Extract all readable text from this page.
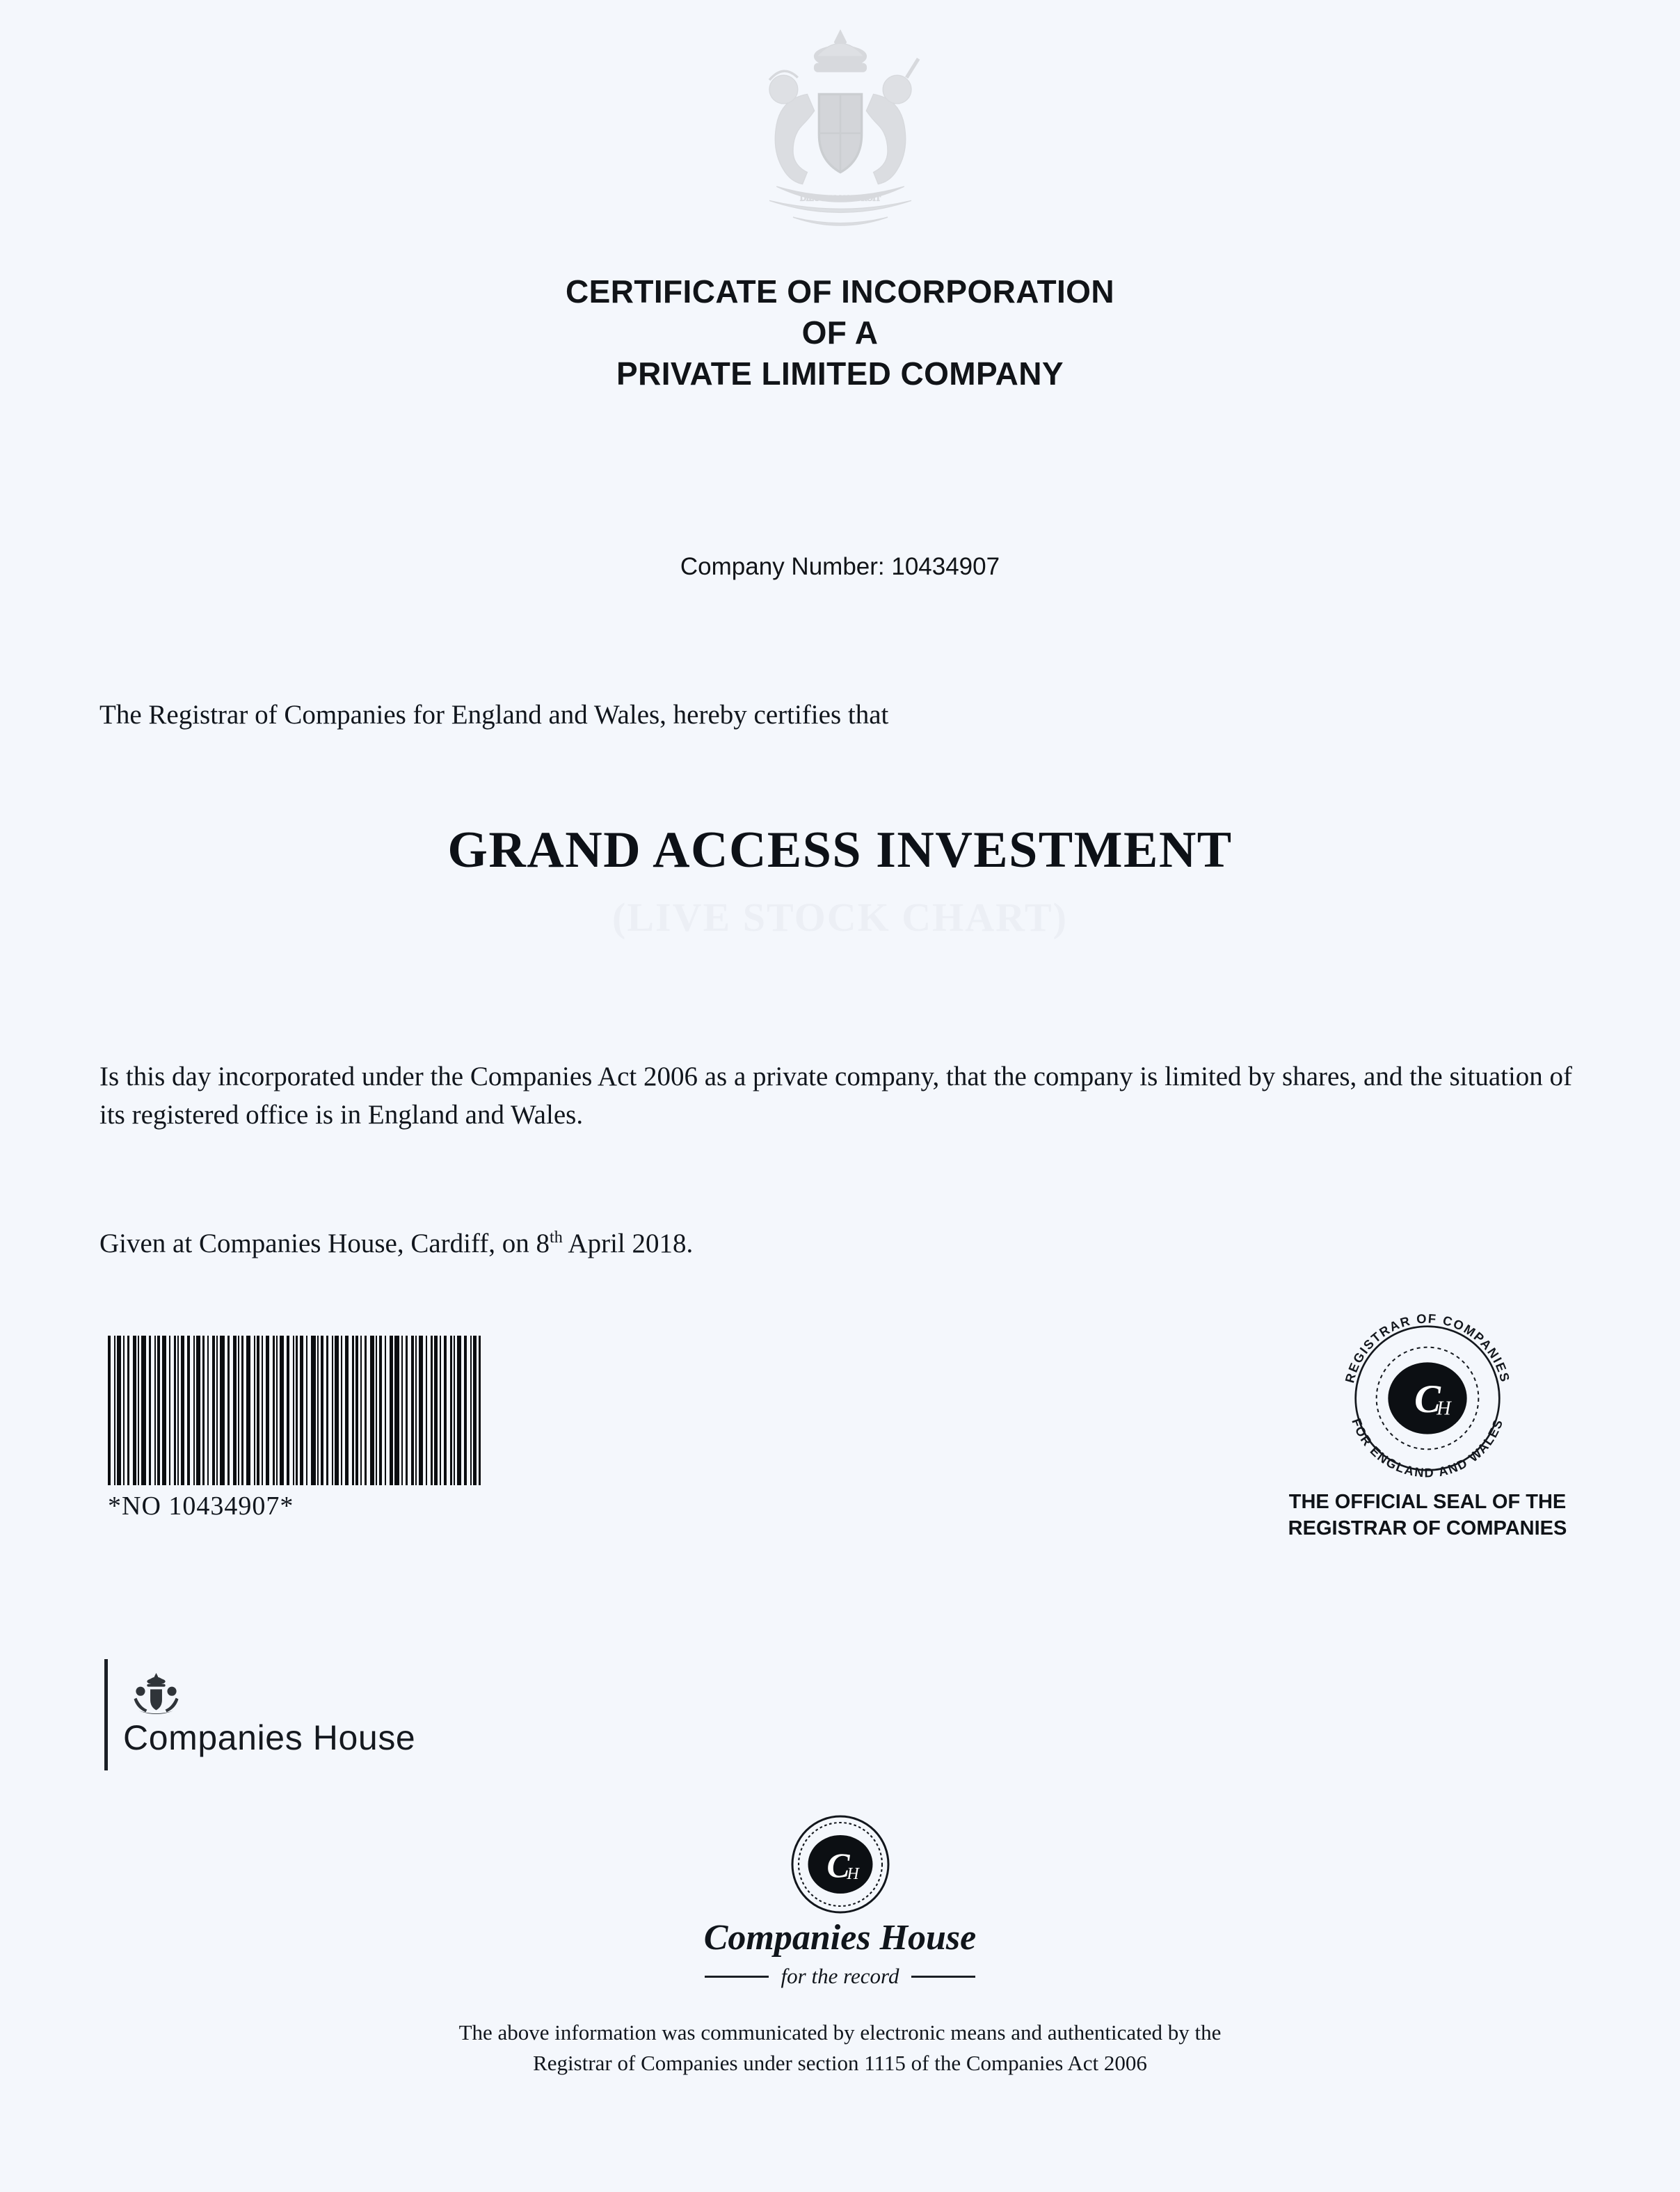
DIEU ET MON DROIT
CERTIFICATE OF INCORPORATION
OF A
PRIVATE LIMITED COMPANY
Company Number: 10434907
The Registrar of Companies for England and Wales, hereby certifies that
GRAND ACCESS INVESTMENT
(LIVE STOCK CHART)
Is this day incorporated under the Companies Act 2006 as a private company, that the company is limited by shares, and the situation of its registered office is in England and Wales.
Given at Companies House, Cardiff, on 8th April 2018.
*NO 10434907*
C
H
REGISTRAR OF COMPANIES
FOR ENGLAND AND WALES
THE OFFICIAL SEAL OF THE
REGISTRAR OF COMPANIES
Companies House
C
H
Companies House
for the record
The above information was communicated by electronic means and authenticated by the
Registrar of Companies under section 1115 of the Companies Act 2006
